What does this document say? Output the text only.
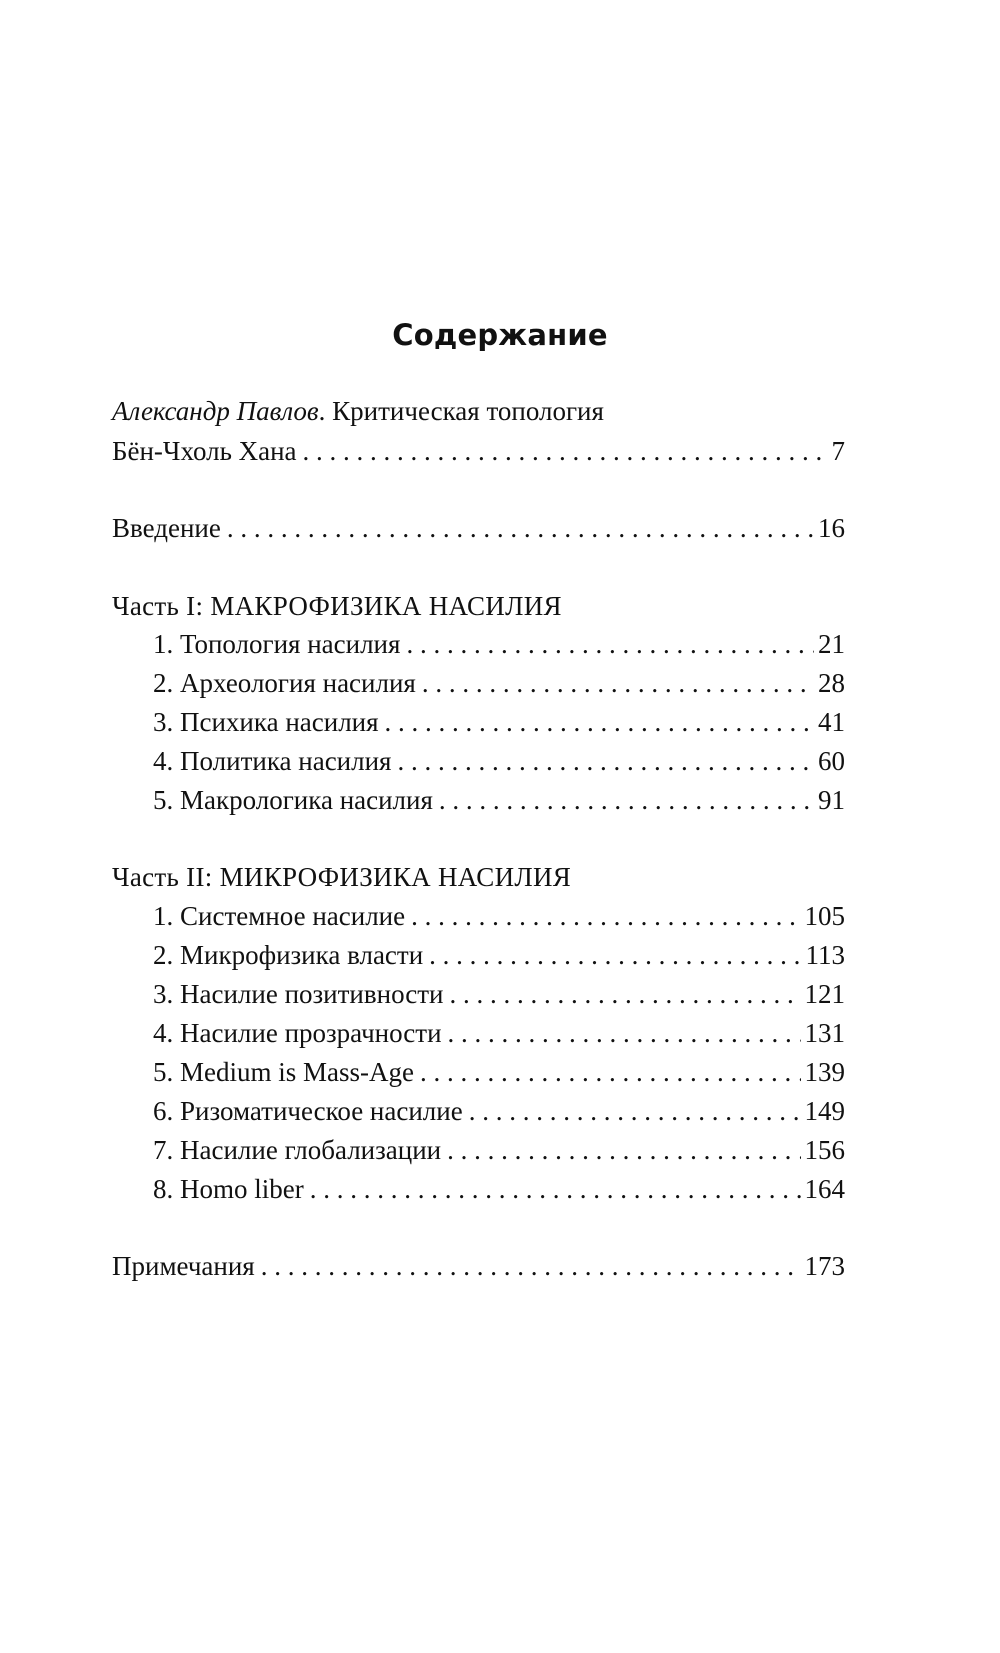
Содержание
Александр Павлов. Критическая топология
Бён-Чхоль Хана . . .	7
Введение . . .	16
Часть I: МАКРОФИЗИКА НАСИЛИЯ
1. Топология насилия . . .	21
2. Археология насилия . . .	28
3. Психика насилия . . .	41
4. Политика насилия . . .	60
5. Макрологика насилия . . .	91
Часть II: МИКРОФИЗИКА НАСИЛИЯ
1. Системное насилие . . .	105
2. Микрофизика власти . . .	113
3. Насилие позитивности . . .	121
4. Насилие прозрачности . . .	131
5. Medium is Mass-Age . . .	139
6. Ризоматическое насилие . . .	149
7. Насилие глобализации . . .	156
8. Homo liber . . .	164
Примечания . . .	173
